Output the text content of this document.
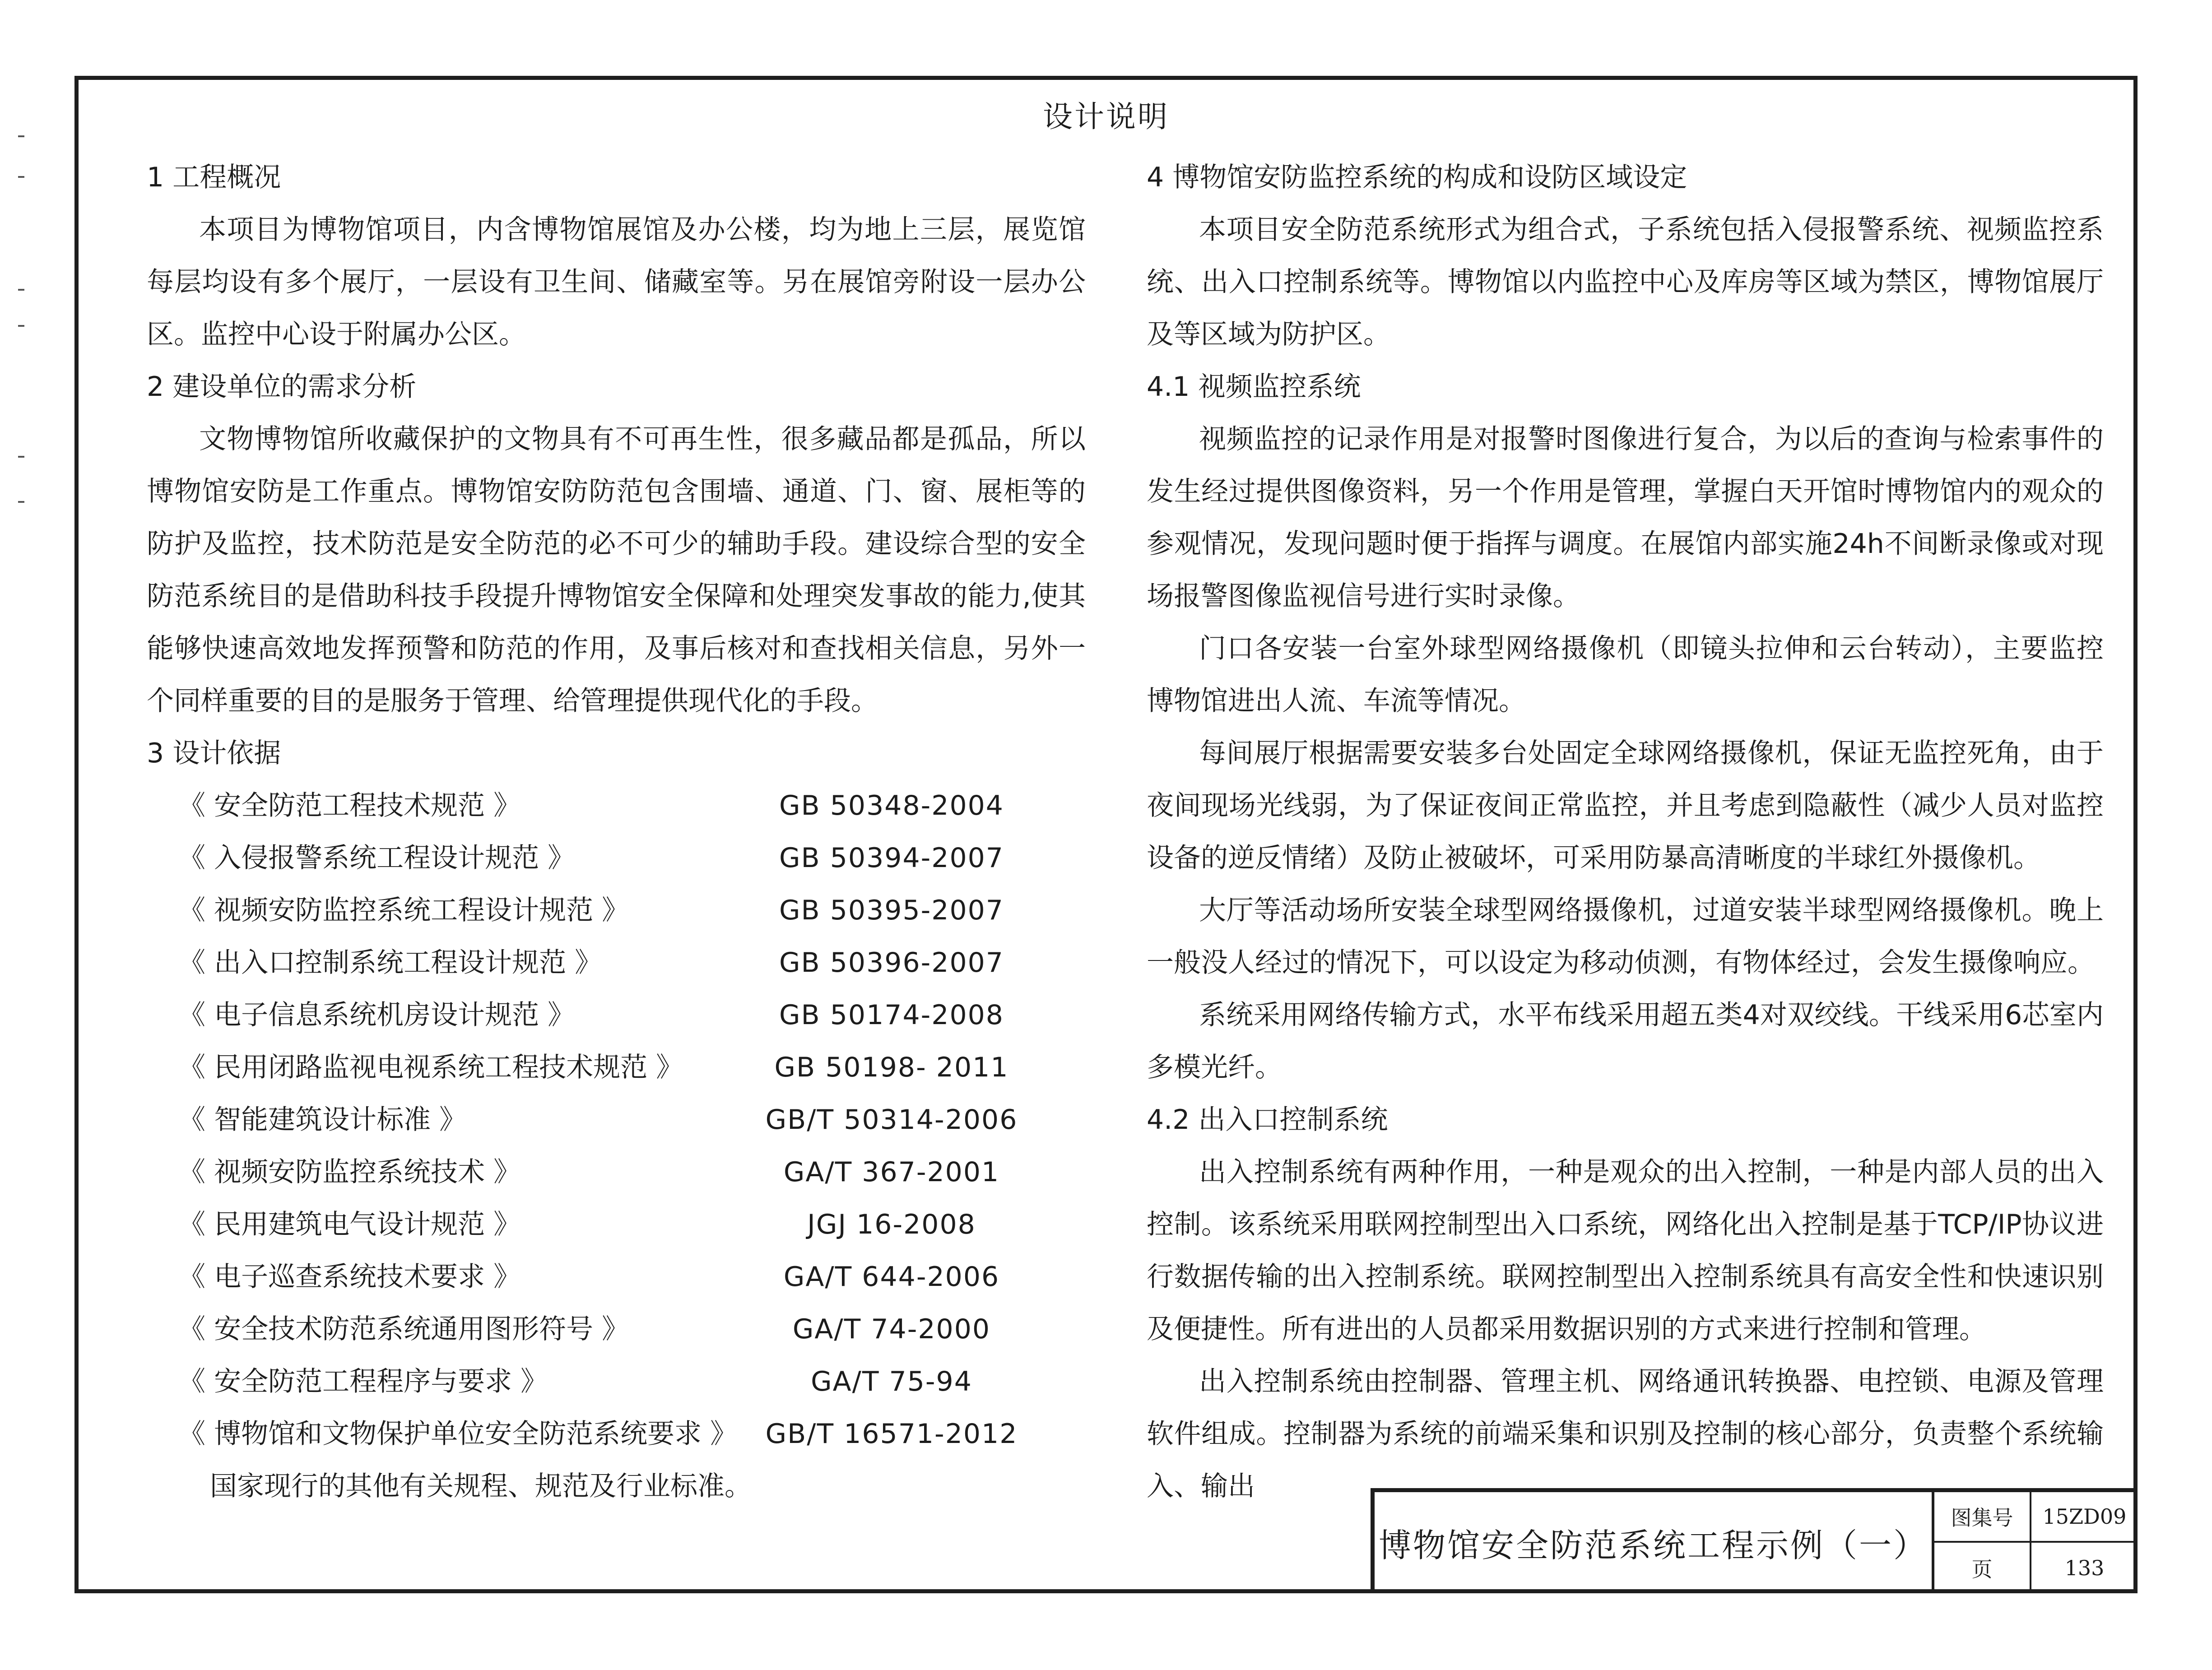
设计说明

1 工程概况

本项目为博物馆项目，内含博物馆展馆及办公楼，均为地上三层，展览馆每层均设有多个展厅，一层设有卫生间、储藏室等。另在展馆旁附设一层办公区。监控中心设于附属办公区。

2 建设单位的需求分析

文物博物馆所收藏保护的文物具有不可再生性，很多藏品都是孤品，所以博物馆安防是工作重点。博物馆安防防范包含围墙、通道、门、窗、展柜等的防护及监控，技术防范是安全防范的必不可少的辅助手段。建设综合型的安全防范系统目的是借助科技手段提升博物馆安全保障和处理突发事故的能力,使其能够快速高效地发挥预警和防范的作用，及事后核对和查找相关信息，另外一个同样重要的目的是服务于管理、给管理提供现代化的手段。

3 设计依据

《 安全防范工程技术规范 》	GB 50348-2004
《 入侵报警系统工程设计规范 》	GB 50394-2007
《 视频安防监控系统工程设计规范 》	GB 50395-2007
《 出入口控制系统工程设计规范 》	GB 50396-2007
《 电子信息系统机房设计规范 》	GB 50174-2008
《 民用闭路监视电视系统工程技术规范 》	GB 50198- 2011
《 智能建筑设计标准 》	GB/T 50314-2006
《 视频安防监控系统技术 》	GA/T 367-2001
《 民用建筑电气设计规范 》	JGJ 16-2008
《 电子巡查系统技术要求 》	GA/T 644-2006
《 安全技术防范系统通用图形符号 》	GA/T 74-2000
《 安全防范工程程序与要求 》	GA/T 75-94
《 博物馆和文物保护单位安全防范系统要求 》	GB/T 16571-2012

国家现行的其他有关规程、规范及行业标准。

4 博物馆安防监控系统的构成和设防区域设定

本项目安全防范系统形式为组合式，子系统包括入侵报警系统、视频监控系统、出入口控制系统等。博物馆以内监控中心及库房等区域为禁区，博物馆展厅及等区域为防护区。

4.1 视频监控系统

视频监控的记录作用是对报警时图像进行复合，为以后的查询与检索事件的发生经过提供图像资料，另一个作用是管理，掌握白天开馆时博物馆内的观众的参观情况，发现问题时便于指挥与调度。在展馆内部实施24h不间断录像或对现场报警图像监视信号进行实时录像。

门口各安装一台室外球型网络摄像机（即镜头拉伸和云台转动），主要监控博物馆进出人流、车流等情况。

每间展厅根据需要安装多台处固定全球网络摄像机，保证无监控死角，由于夜间现场光线弱，为了保证夜间正常监控，并且考虑到隐蔽性（减少人员对监控设备的逆反情绪）及防止被破坏，可采用防暴高清晰度的半球红外摄像机。

大厅等活动场所安装全球型网络摄像机，过道安装半球型网络摄像机。晚上一般没人经过的情况下，可以设定为移动侦测，有物体经过，会发生摄像响应。

系统采用网络传输方式，水平布线采用超五类4对双绞线。干线采用6芯室内多模光纤。

4.2 出入口控制系统

出入控制系统有两种作用，一种是观众的出入控制，一种是内部人员的出入控制。该系统采用联网控制型出入口系统，网络化出入控制是基于TCP/IP协议进行数据传输的出入控制系统。联网控制型出入控制系统具有高安全性和快速识别及便捷性。所有进出的人员都采用数据识别的方式来进行控制和管理。

出入控制系统由控制器、管理主机、网络通讯转换器、电控锁、电源及管理软件组成。控制器为系统的前端采集和识别及控制的核心部分，负责整个系统输入、输出

博物馆安全防范系统工程示例（一）
图集号	15ZD09
页	133
